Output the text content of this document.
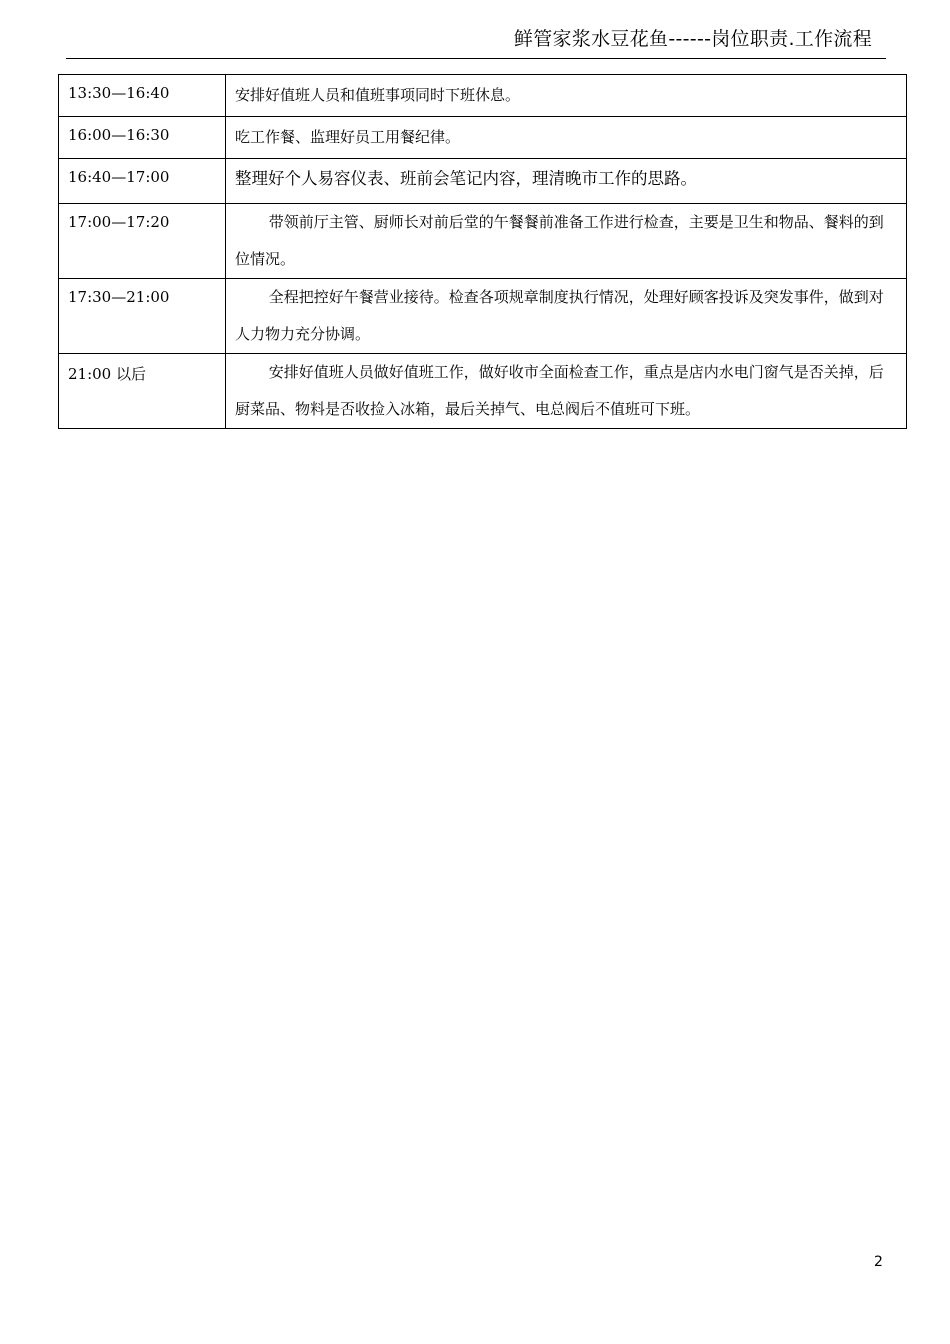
鲜管家浆水豆花鱼------岗位职责.工作流程
13:30—16:40	安排好值班人员和值班事项同时下班休息。
16:00—16:30	吃工作餐、监理好员工用餐纪律。
16:40—17:00	整理好个人易容仪表、班前会笔记内容，理清晚市工作的思路。
17:00—17:20	带领前厅主管、厨师长对前后堂的午餐餐前准备工作进行检查，主要是卫生和物品、餐料的到位情况。

17:30—21:00	全程把控好午餐营业接待。检查各项规章制度执行情况，处理好顾客投诉及突发事件，做到对人力物力充分协调。

21:00 以后	安排好值班人员做好值班工作，做好收市全面检查工作，重点是店内水电门窗气是否关掉，后厨菜品、物料是否收捡入冰箱，最后关掉气、电总阀后不值班可下班。
2
